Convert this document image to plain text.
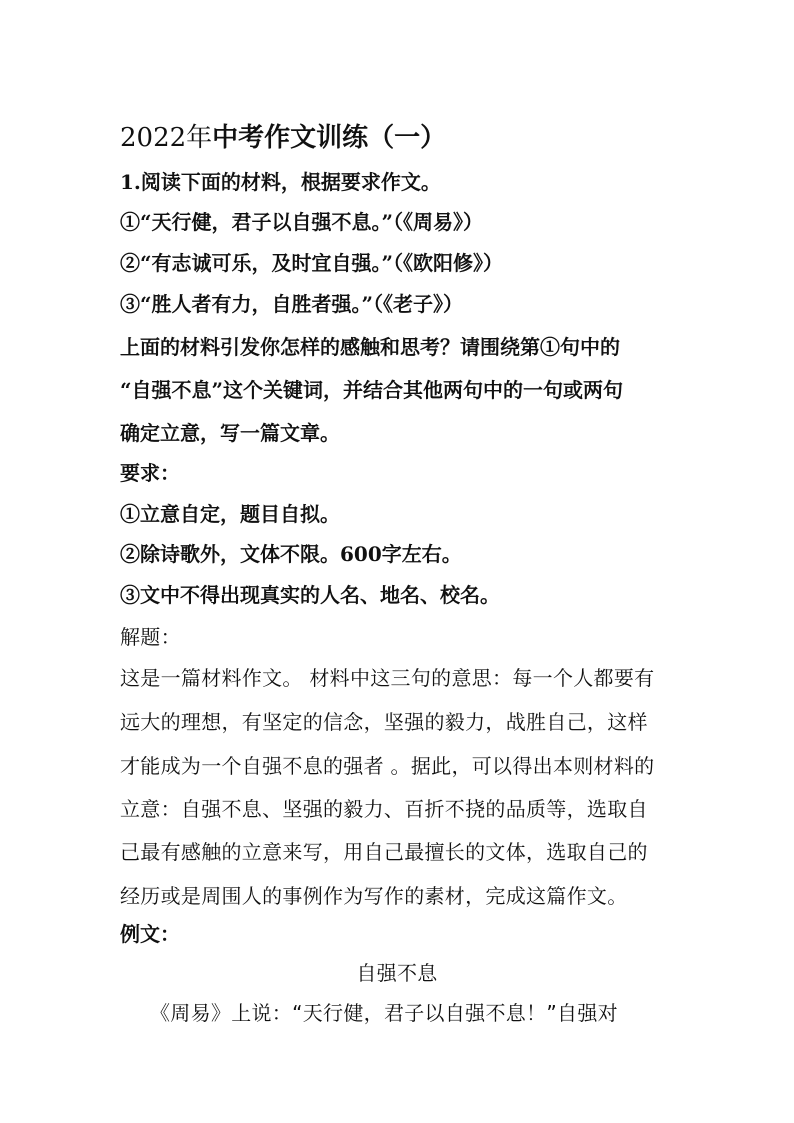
2022年中考作文训练（一）
1.阅读下面的材料，根据要求作文。
①“天行健，君子以自强不息。”（《周易》）
②“有志诚可乐，及时宜自强。”（《欧阳修》）
③“胜人者有力，自胜者强。”（《老子》）
上面的材料引发你怎样的感触和思考？请围绕第①句中的
“自强不息”这个关键词，并结合其他两句中的一句或两句
确定立意，写一篇文章。
要求：
①立意自定，题目自拟。
②除诗歌外，文体不限。600字左右。
③文中不得出现真实的人名、地名、校名。
解题：
这是一篇材料作文。 材料中这三句的意思：每一个人都要有
远大的理想，有坚定的信念，坚强的毅力，战胜自己，这样
才能成为一个自强不息的强者 。据此，可以得出本则材料的
立意：自强不息、坚强的毅力、百折不挠的品质等，选取自
己最有感触的立意来写，用自己最擅长的文体，选取自己的
经历或是周围人的事例作为写作的素材，完成这篇作文。
例文：
自强不息
《周易》上说：“天行健，君子以自强不息！”自强对
